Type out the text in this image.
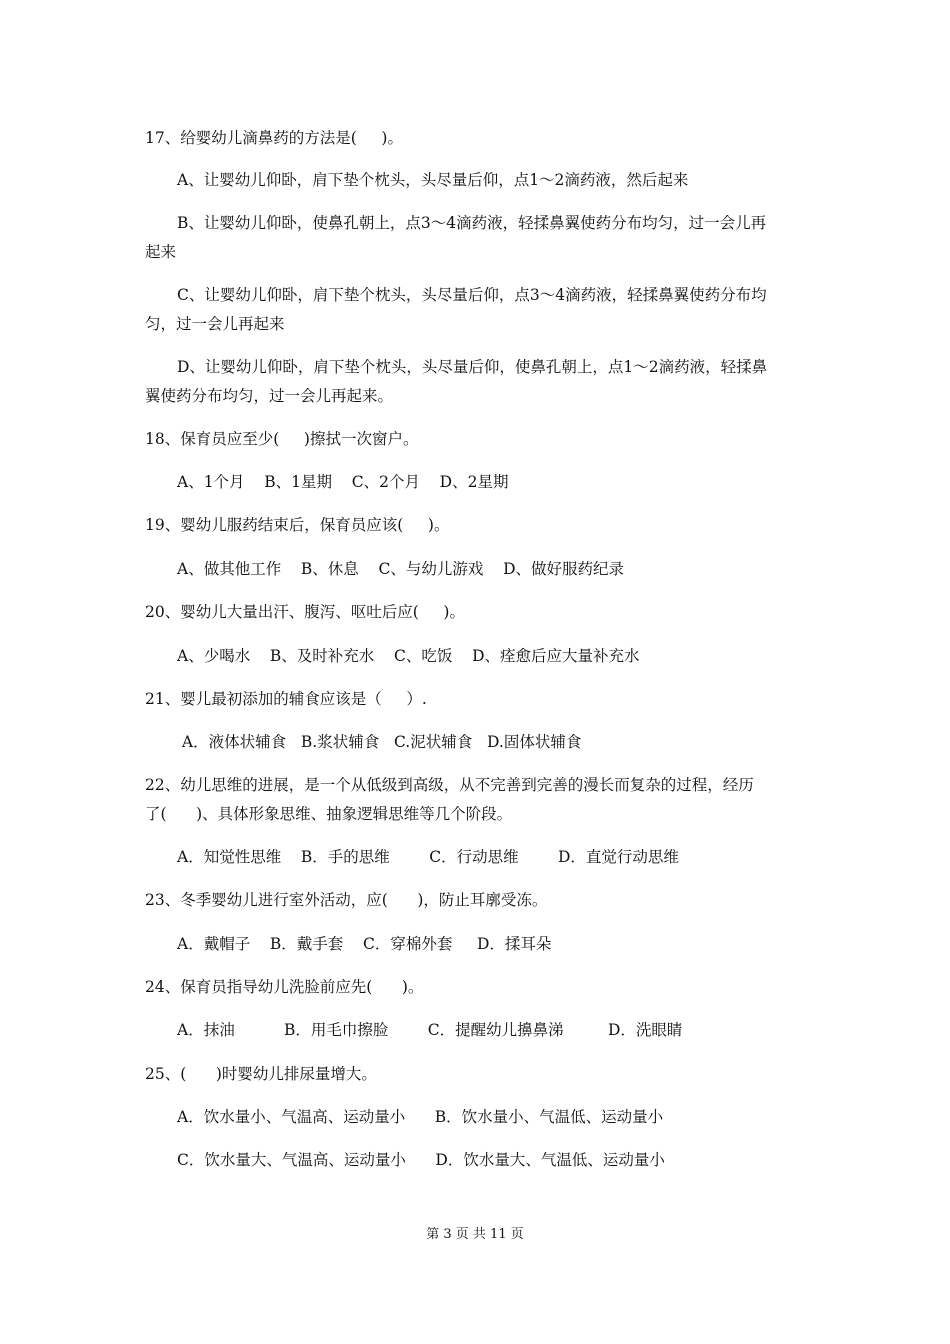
17、给婴幼儿滴鼻药的方法是(     )。
A、让婴幼儿仰卧，肩下垫个枕头，头尽量后仰，点1～2滴药液，然后起来
B、让婴幼儿仰卧，使鼻孔朝上，点3～4滴药液，轻揉鼻翼使药分布均匀，过一会儿再
起来
C、让婴幼儿仰卧，肩下垫个枕头，头尽量后仰，点3～4滴药液，轻揉鼻翼使药分布均
匀，过一会儿再起来
D、让婴幼儿仰卧，肩下垫个枕头，头尽量后仰，使鼻孔朝上，点1～2滴药液，轻揉鼻
翼使药分布均匀，过一会儿再起来。
18、保育员应至少(     )擦拭一次窗户。
A、1个月    B、1星期    C、2个月    D、2星期
19、婴幼儿服药结束后，保育员应该(     )。
A、做其他工作    B、休息    C、与幼儿游戏    D、做好服药纪录
20、婴幼儿大量出汗、腹泻、呕吐后应(     )。
A、少喝水    B、及时补充水    C、吃饭    D、痊愈后应大量补充水
21、婴儿最初添加的辅食应该是（     ）.
A．液体状辅食   B.浆状辅食   C.泥状辅食   D.固体状辅食
22、幼儿思维的进展，是一个从低级到高级，从不完善到完善的漫长而复杂的过程，经历
了(      )、具体形象思维、抽象逻辑思维等几个阶段。
A．知觉性思维    B．手的思维        C．行动思维        D．直觉行动思维
23、冬季婴幼儿进行室外活动，应(      )，防止耳廓受冻。
A．戴帽子    B．戴手套    C．穿棉外套     D．揉耳朵
24、保育员指导幼儿洗脸前应先(      )。
A．抹油          B．用毛巾擦脸        C．提醒幼儿擤鼻涕         D．洗眼睛
25、(      )时婴幼儿排尿量增大。
A．饮水量小、气温高、运动量小      B．饮水量小、气温低、运动量小
C．饮水量大、气温高、运动量小      D．饮水量大、气温低、运动量小
第 3 页 共 11 页
